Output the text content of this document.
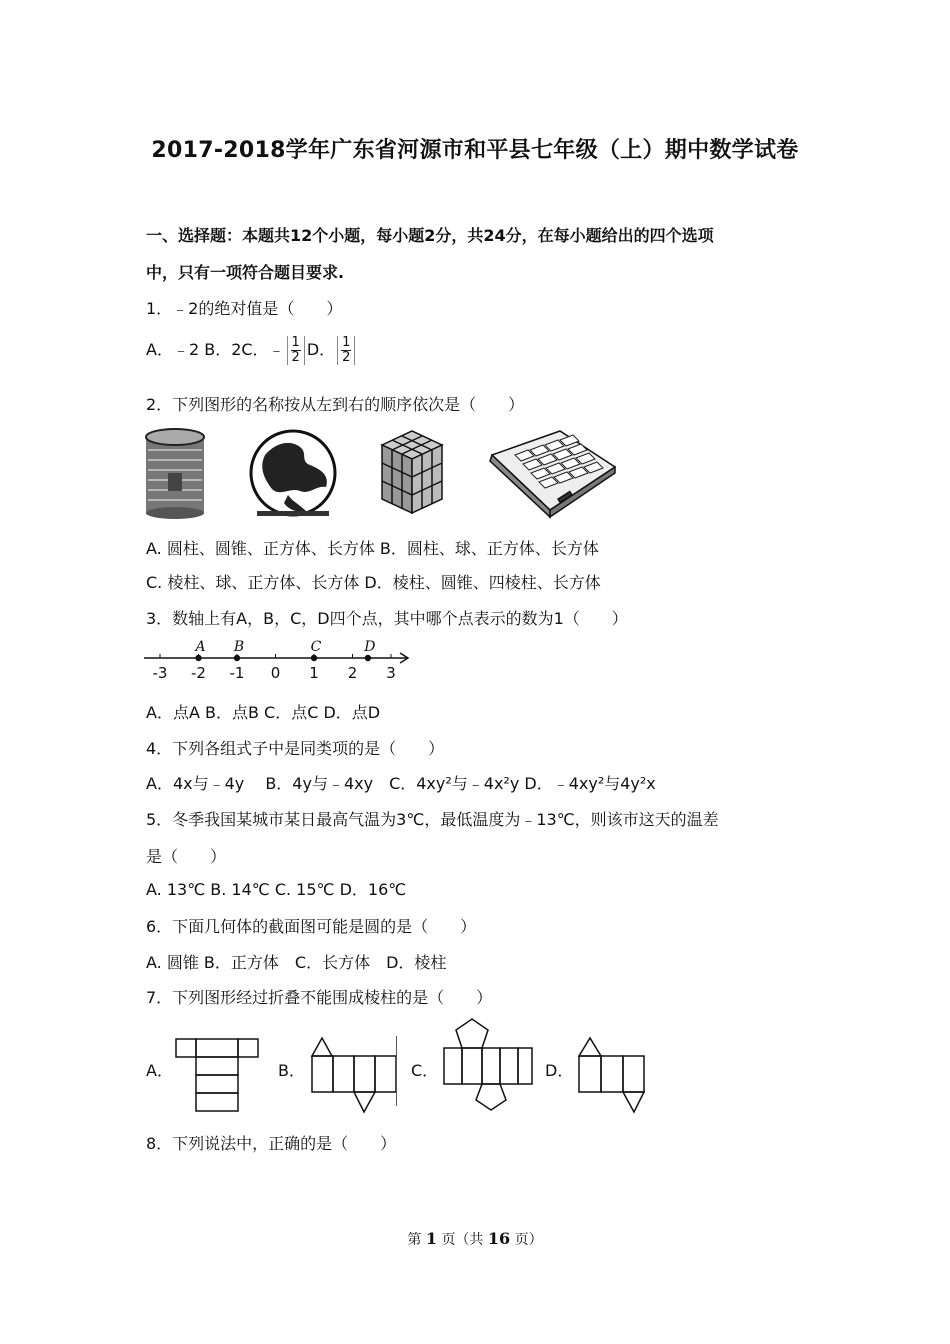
2017-2018学年广东省河源市和平县七年级（上）期中数学试卷
一、选择题：本题共12个小题，每小题2分，共24分，在每小题给出的四个选项
中，只有一项符合题目要求.
1．﹣2的绝对值是（　　）
A．﹣2 B．2C．﹣ $\frac{1}{2}$ D． $\frac{1}{2}$
2．下列图形的名称按从左到右的顺序依次是（　　）
A. 圆柱、圆锥、正方体、长方体 B．圆柱、球、正方体、长方体
C. 棱柱、球、正方体、长方体 D．棱柱、圆锥、四棱柱、长方体
3．数轴上有A，B，C，D四个点，其中哪个点表示的数为1（　　）
-3 -2 -1 0 1 2 3
A B	C	D
A．点A B．点B C．点C D．点D
4．下列各组式子中是同类项的是（　　）
A．4x与﹣4y　 B．4y与﹣4xy　C．4xy²与﹣4x²y D．﹣4xy²与4y²x
5．冬季我国某城市某日最高气温为3℃，最低温度为﹣13℃，则该市这天的温差
是（　　）
A. 13℃ B. 14℃ C. 15℃ D．16℃
6．下面几何体的截面图可能是圆的是（　　）
A. 圆锥 B．正方体　C．长方体　D．棱柱
7．下列图形经过折叠不能围成棱柱的是（　　）
A．	B．	C．	D．
8．下列说法中，正确的是（　　）
第 1 页（共 16 页）
